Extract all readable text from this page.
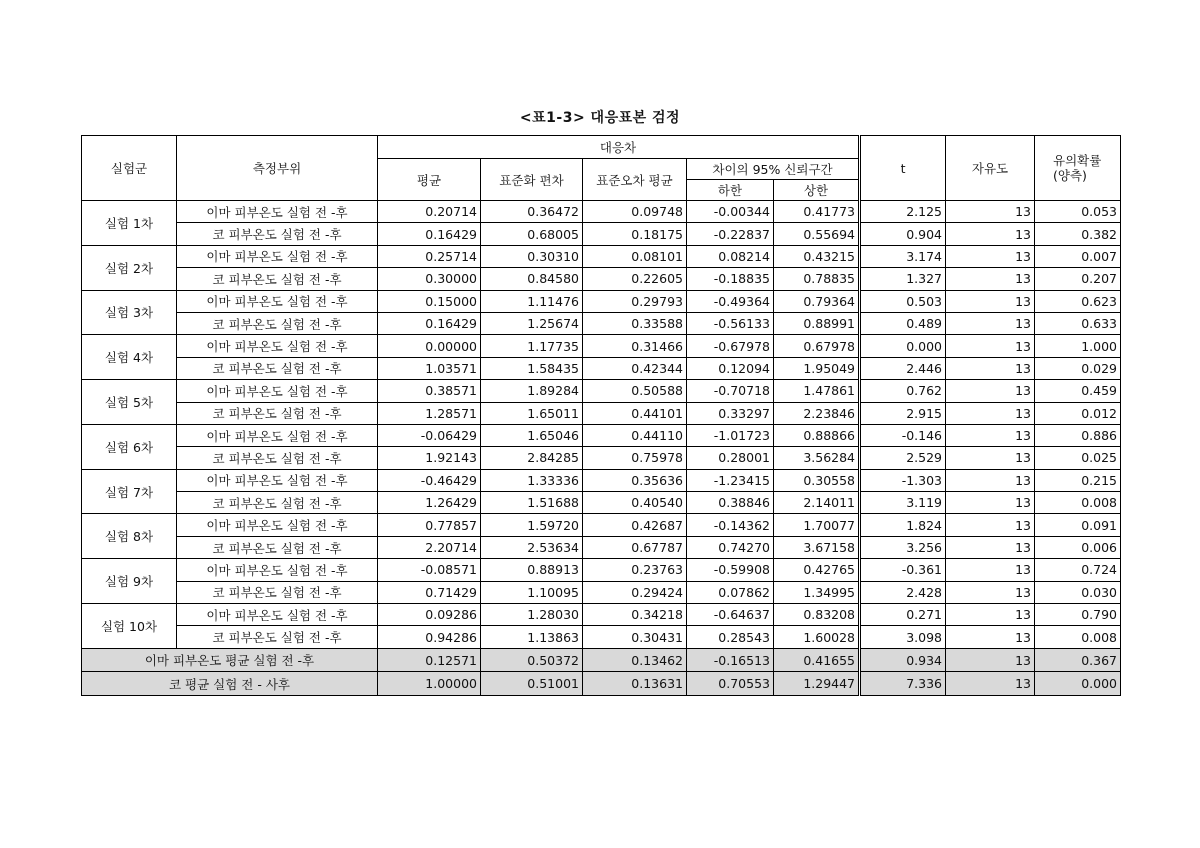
<표1-3> 대응표본 검정
실험군	측정부위	대응차					t	자유도	유의확률
(양측)
		평균	표준화 편차	표준오차 평균	차이의 95% 신뢰구간				
					하한	상한			
실험 1차	이마 피부온도 실험 전 -후	0.20714	0.36472	0.09748	-0.00344	0.41773	2.125	13	0.053
	코 피부온도 실험 전 -후	0.16429	0.68005	0.18175	-0.22837	0.55694	0.904	13	0.382
실험 2차	이마 피부온도 실험 전 -후	0.25714	0.30310	0.08101	0.08214	0.43215	3.174	13	0.007
	코 피부온도 실험 전 -후	0.30000	0.84580	0.22605	-0.18835	0.78835	1.327	13	0.207
실험 3차	이마 피부온도 실험 전 -후	0.15000	1.11476	0.29793	-0.49364	0.79364	0.503	13	0.623
	코 피부온도 실험 전 -후	0.16429	1.25674	0.33588	-0.56133	0.88991	0.489	13	0.633
실험 4차	이마 피부온도 실험 전 -후	0.00000	1.17735	0.31466	-0.67978	0.67978	0.000	13	1.000
	코 피부온도 실험 전 -후	1.03571	1.58435	0.42344	0.12094	1.95049	2.446	13	0.029
실험 5차	이마 피부온도 실험 전 -후	0.38571	1.89284	0.50588	-0.70718	1.47861	0.762	13	0.459
	코 피부온도 실험 전 -후	1.28571	1.65011	0.44101	0.33297	2.23846	2.915	13	0.012
실험 6차	이마 피부온도 실험 전 -후	-0.06429	1.65046	0.44110	-1.01723	0.88866	-0.146	13	0.886
	코 피부온도 실험 전 -후	1.92143	2.84285	0.75978	0.28001	3.56284	2.529	13	0.025
실험 7차	이마 피부온도 실험 전 -후	-0.46429	1.33336	0.35636	-1.23415	0.30558	-1.303	13	0.215
	코 피부온도 실험 전 -후	1.26429	1.51688	0.40540	0.38846	2.14011	3.119	13	0.008
실험 8차	이마 피부온도 실험 전 -후	0.77857	1.59720	0.42687	-0.14362	1.70077	1.824	13	0.091
	코 피부온도 실험 전 -후	2.20714	2.53634	0.67787	0.74270	3.67158	3.256	13	0.006
실험 9차	이마 피부온도 실험 전 -후	-0.08571	0.88913	0.23763	-0.59908	0.42765	-0.361	13	0.724
	코 피부온도 실험 전 -후	0.71429	1.10095	0.29424	0.07862	1.34995	2.428	13	0.030
실험 10차	이마 피부온도 실험 전 -후	0.09286	1.28030	0.34218	-0.64637	0.83208	0.271	13	0.790
	코 피부온도 실험 전 -후	0.94286	1.13863	0.30431	0.28543	1.60028	3.098	13	0.008
이마 피부온도 평균 실험 전 -후		0.12571	0.50372	0.13462	-0.16513	0.41655	0.934	13	0.367
코 평균 실험 전 - 사후		1.00000	0.51001	0.13631	0.70553	1.29447	7.336	13	0.000
